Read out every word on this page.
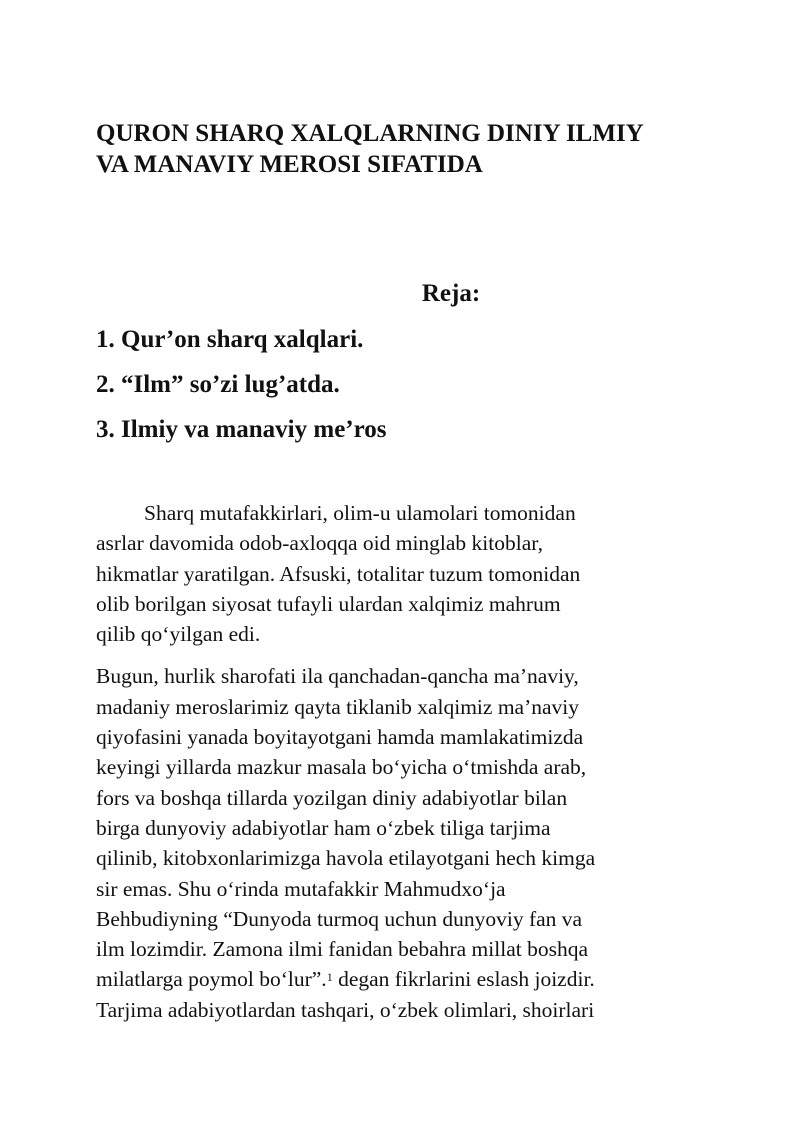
QURON SHARQ XALQLARNING DINIY ILMIY
VA MANAVIY MEROSI SIFATIDA
Reja:
1. Qur’on sharq xalqlari.
2. “Ilm” so’zi lug’atda.
3. Ilmiy va manaviy me’ros

Sharq mutafakkirlari, olim-u ulamolari tomonidan
asrlar davomida odob-axloqqa oid minglab kitoblar,
hikmatlar yaratilgan. Afsuski, totalitar tuzum tomonidan
olib borilgan siyosat tufayli ulardan xalqimiz mahrum
qilib qo‘yilgan edi.

Bugun, hurlik sharofati ila qanchadan-qancha ma’naviy,
madaniy meroslarimiz qayta tiklanib xalqimiz ma’naviy
qiyofasini yanada boyitayotgani hamda mamlakatimizda
keyingi yillarda mazkur masala bo‘yicha o‘tmishda arab,
fors va boshqa tillarda yozilgan diniy adabiyotlar bilan
birga dunyoviy adabiyotlar ham o‘zbek tiliga tarjima
qilinib, kitobxonlarimizga havola etilayotgani hech kimga
sir emas. Shu o‘rinda mutafakkir Mahmudxo‘ja
Behbudiyning “Dunyoda turmoq uchun dunyoviy fan va
ilm lozimdir. Zamona ilmi fanidan bebahra millat boshqa
milatlarga poymol bo‘lur”.$^1$ degan fikrlarini eslash joizdir.
Tarjima adabiyotlardan tashqari, o‘zbek olimlari, shoirlari
